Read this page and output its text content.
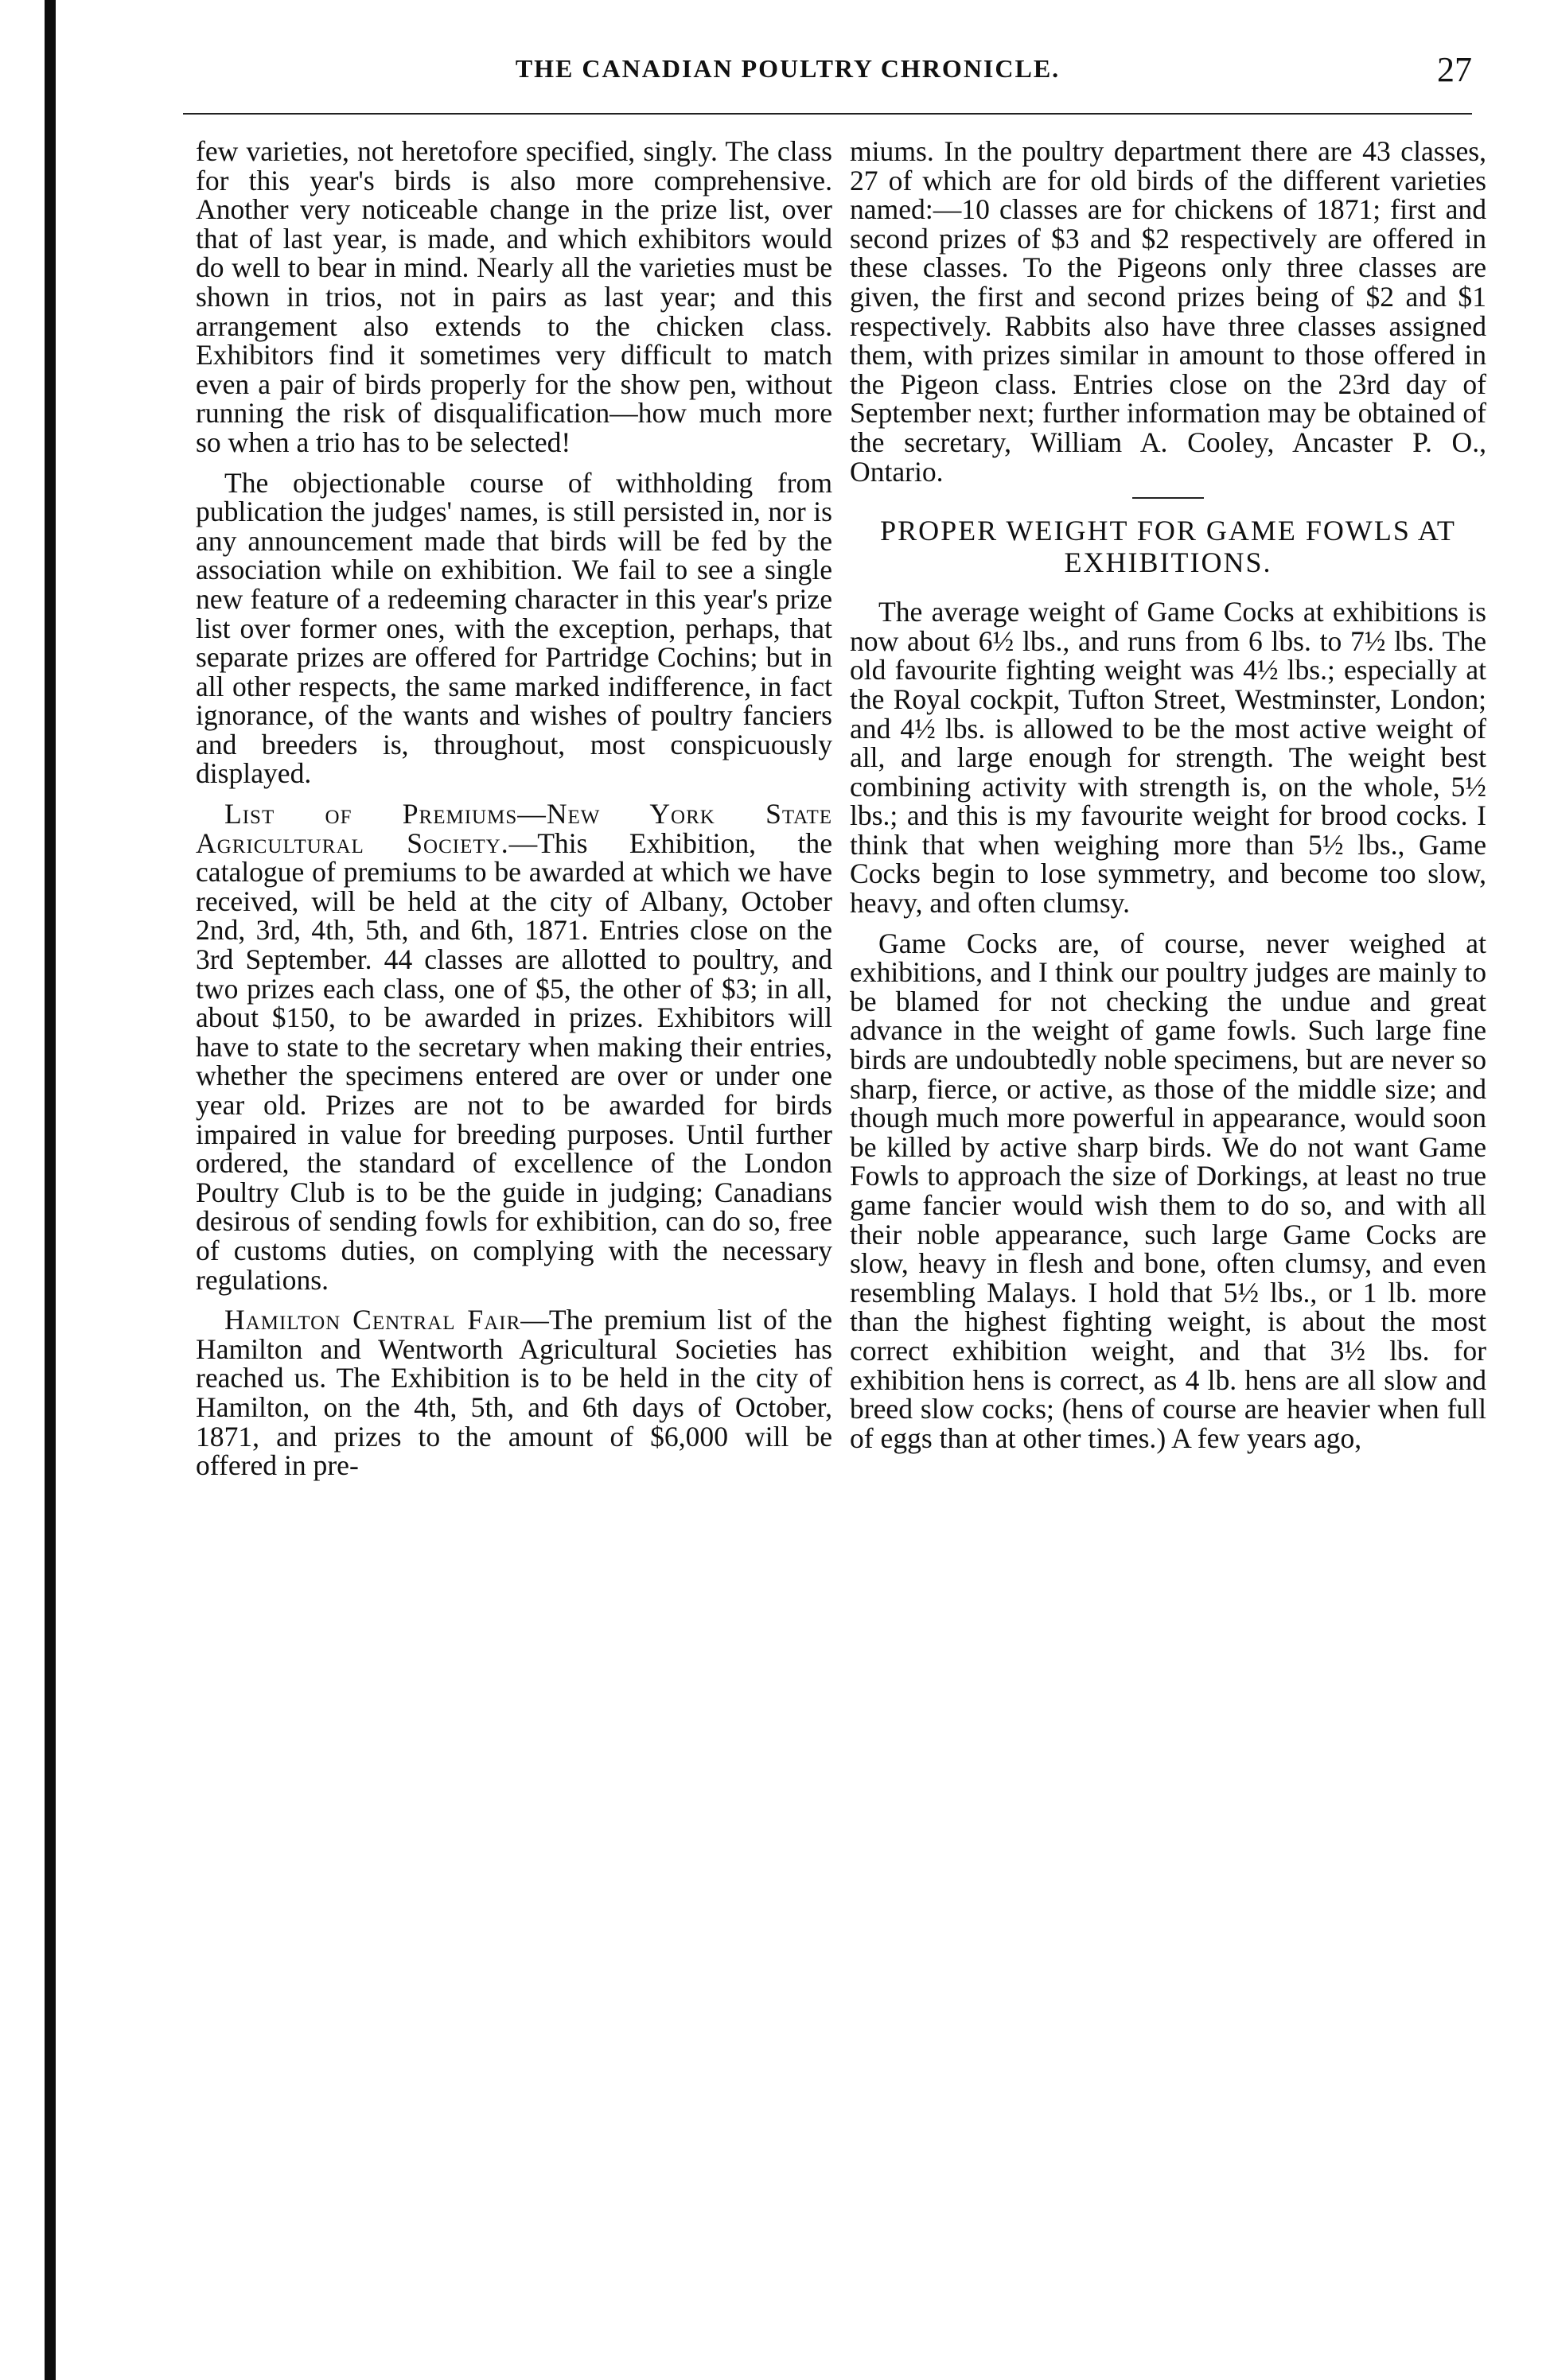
THE CANADIAN POULTRY CHRONICLE.	27

few varieties, not heretofore specified, singly. The class for this year's birds is also more comprehensive. Another very noticeable change in the prize list, over that of last year, is made, and which exhibitors would do well to bear in mind. Nearly all the varieties must be shown in trios, not in pairs as last year; and this arrangement also extends to the chicken class. Exhibitors find it sometimes very difficult to match even a pair of birds properly for the show pen, without running the risk of disqualification—how much more so when a trio has to be selected!

The objectionable course of withholding from publication the judges' names, is still persisted in, nor is any announcement made that birds will be fed by the association while on exhibition. We fail to see a single new feature of a redeeming character in this year's prize list over former ones, with the exception, perhaps, that separate prizes are offered for Partridge Cochins; but in all other respects, the same marked indifference, in fact ignorance, of the wants and wishes of poultry fanciers and breeders is, throughout, most conspicuously displayed.

List of Premiums—New York State Agricultural Society.—This Exhibition, the catalogue of premiums to be awarded at which we have received, will be held at the city of Albany, October 2nd, 3rd, 4th, 5th, and 6th, 1871. Entries close on the 3rd September. 44 classes are allotted to poultry, and two prizes each class, one of $5, the other of $3; in all, about $150, to be awarded in prizes. Exhibitors will have to state to the secretary when making their entries, whether the specimens entered are over or under one year old. Prizes are not to be awarded for birds impaired in value for breeding purposes. Until further ordered, the standard of excellence of the London Poultry Club is to be the guide in judging; Canadians desirous of sending fowls for exhibition, can do so, free of customs duties, on complying with the necessary regulations.

Hamilton Central Fair—The premium list of the Hamilton and Wentworth Agricultural Societies has reached us. The Exhibition is to be held in the city of Hamilton, on the 4th, 5th, and 6th days of October, 1871, and prizes to the amount of $6,000 will be offered in pre-

miums. In the poultry department there are 43 classes, 27 of which are for old birds of the different varieties named:—10 classes are for chickens of 1871; first and second prizes of $3 and $2 respectively are offered in these classes. To the Pigeons only three classes are given, the first and second prizes being of $2 and $1 respectively. Rabbits also have three classes assigned them, with prizes similar in amount to those offered in the Pigeon class. Entries close on the 23rd day of September next; further information may be obtained of the secretary, William A. Cooley, Ancaster P. O., Ontario.

PROPER WEIGHT FOR GAME FOWLS AT EXHIBITIONS.

The average weight of Game Cocks at exhibitions is now about 6½ lbs., and runs from 6 lbs. to 7½ lbs. The old favourite fighting weight was 4½ lbs.; especially at the Royal cockpit, Tufton Street, Westminster, London; and 4½ lbs. is allowed to be the most active weight of all, and large enough for strength. The weight best combining activity with strength is, on the whole, 5½ lbs.; and this is my favourite weight for brood cocks. I think that when weighing more than 5½ lbs., Game Cocks begin to lose symmetry, and become too slow, heavy, and often clumsy.

Game Cocks are, of course, never weighed at exhibitions, and I think our poultry judges are mainly to be blamed for not checking the undue and great advance in the weight of game fowls. Such large fine birds are undoubtedly noble specimens, but are never so sharp, fierce, or active, as those of the middle size; and though much more powerful in appearance, would soon be killed by active sharp birds. We do not want Game Fowls to approach the size of Dorkings, at least no true game fancier would wish them to do so, and with all their noble appearance, such large Game Cocks are slow, heavy in flesh and bone, often clumsy, and even resembling Malays. I hold that 5½ lbs., or 1 lb. more than the highest fighting weight, is about the most correct exhibition weight, and that 3½ lbs. for exhibition hens is correct, as 4 lb. hens are all slow and breed slow cocks; (hens of course are heavier when full of eggs than at other times.) A few years ago,
